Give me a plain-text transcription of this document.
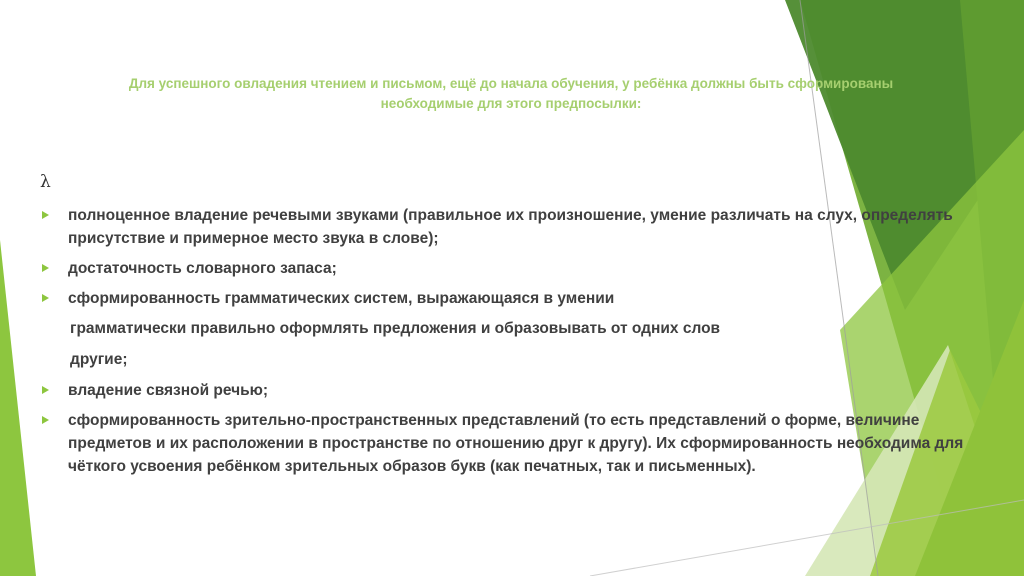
Для успешного овладения чтением и письмом, ещё до начала обучения, у ребёнка должны быть сформированы необходимые для этого предпосылки:

λ
полноценное владение речевыми звуками (правильное их произношение, умение различать на слух, определять присутствие и примерное место звука в слове);
достаточность словарного запаса;
сформированность грамматических систем, выражающаяся в умении
грамматически правильно оформлять предложения и образовывать от одних слов
другие;
владение связной речью;
сформированность зрительно-пространственных представлений (то есть представлений о форме, величине предметов и их расположении в пространстве по отношению друг к другу). Их сформированность необходима для чёткого усвоения ребёнком зрительных образов букв (как печатных, так и письменных).
